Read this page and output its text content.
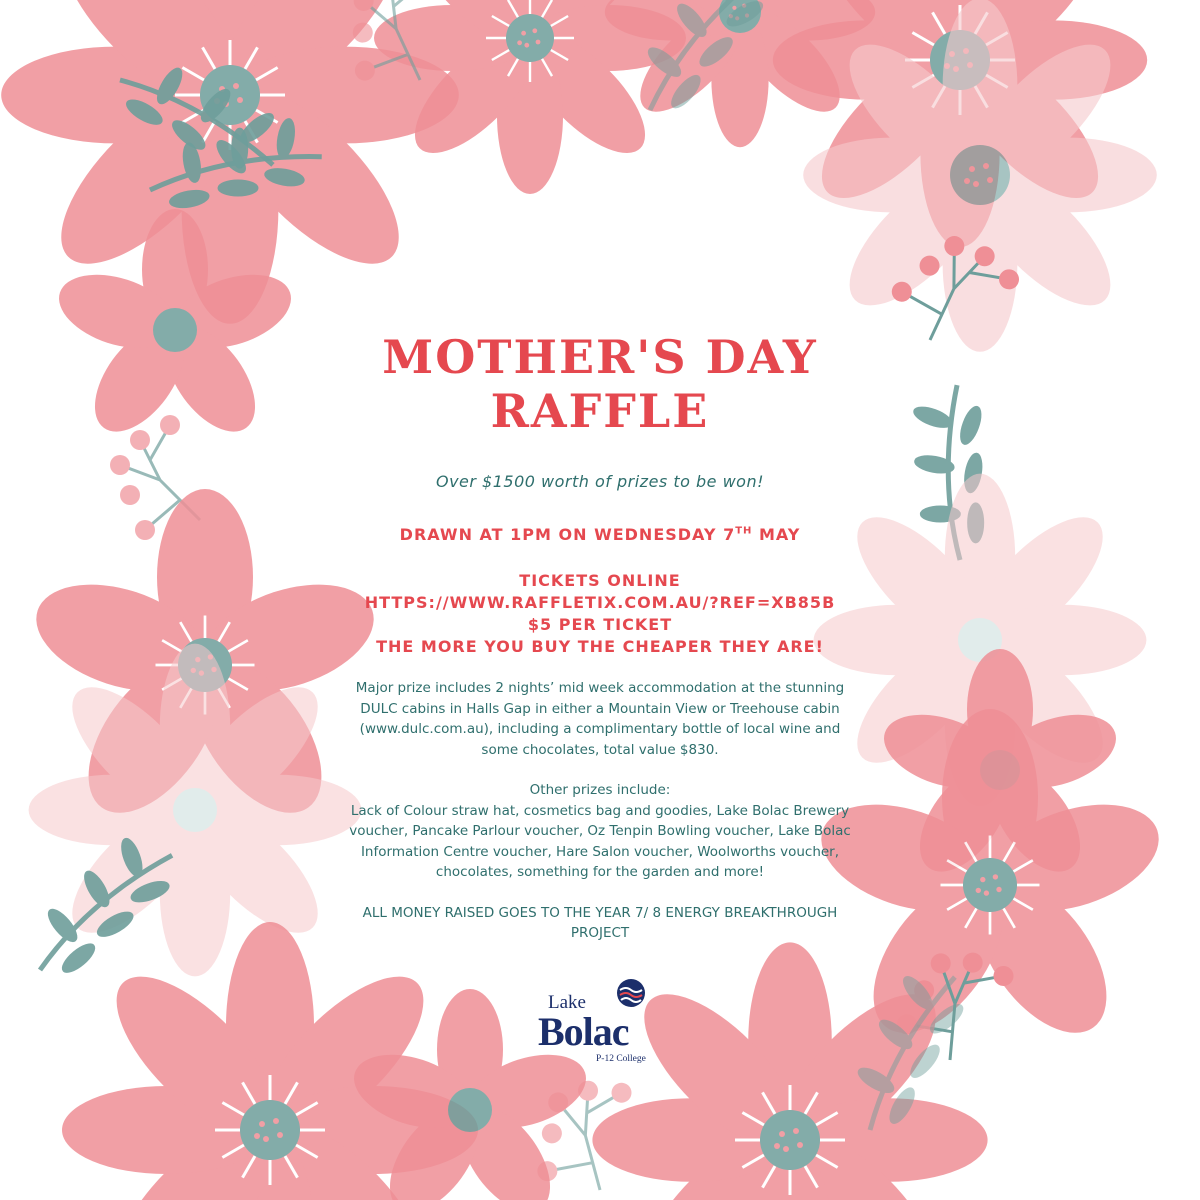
MOTHER'S DAY
RAFFLE
Over $1500 worth of prizes to be won!
DRAWN AT 1PM ON WEDNESDAY 7TH MAY
TICKETS ONLINE
HTTPS://WWW.RAFFLETIX.COM.AU/?REF=XB85B
$5 PER TICKET
THE MORE YOU BUY THE CHEAPER THEY ARE!
Major prize includes 2 nights’ mid week accommodation at the stunning DULC cabins in Halls Gap in either a Mountain View or Treehouse cabin (www.dulc.com.au), including a complimentary bottle of local wine and some chocolates, total value $830.
Other prizes include:
Lack of Colour straw hat, cosmetics bag and goodies, Lake Bolac Brewery voucher, Pancake Parlour voucher, Oz Tenpin Bowling voucher, Lake Bolac Information Centre voucher, Hare Salon voucher, Woolworths voucher, chocolates, something for the garden and more!
ALL MONEY RAISED GOES TO THE YEAR 7/ 8 ENERGY BREAKTHROUGH PROJECT
Lake
Bolac
P-12 College
